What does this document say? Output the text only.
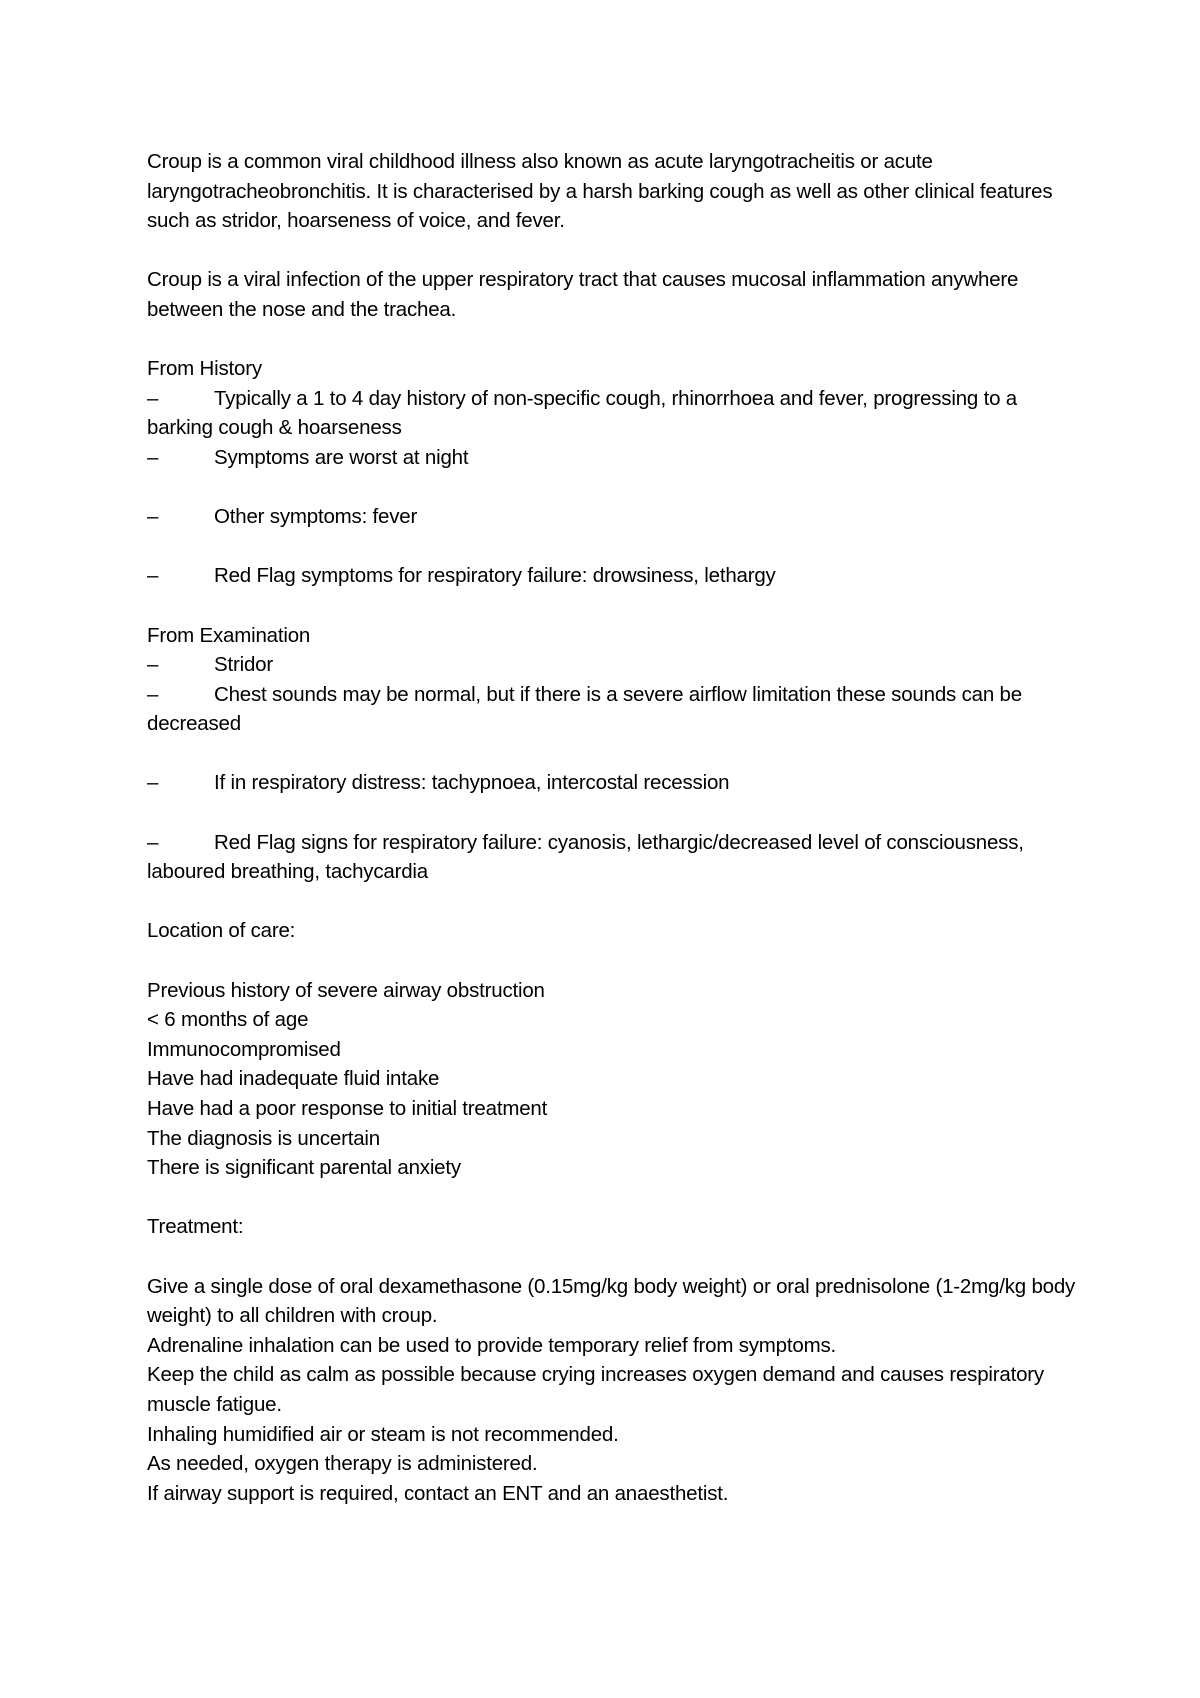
Croup is a common viral childhood illness also known as acute laryngotracheitis or acute laryngotracheobronchitis. It is characterised by a harsh barking cough as well as other clinical features such as stridor, hoarseness of voice, and fever.

Croup is a viral infection of the upper respiratory tract that causes mucosal inflammation anywhere between the nose and the trachea.

From History

–	Typically a 1 to 4 day history of non-specific cough, rhinorrhoea and fever, progressing to a barking cough & hoarseness

–	Symptoms are worst at night

–	Other symptoms: fever

–	Red Flag symptoms for respiratory failure: drowsiness, lethargy

From Examination

–	Stridor

–	Chest sounds may be normal, but if there is a severe airflow limitation these sounds can be decreased

–	If in respiratory distress: tachypnoea, intercostal recession

–	Red Flag signs for respiratory failure: cyanosis, lethargic/decreased level of consciousness, laboured breathing, tachycardia

Location of care:

Previous history of severe airway obstruction

< 6 months of age

Immunocompromised

Have had inadequate fluid intake

Have had a poor response to initial treatment

The diagnosis is uncertain

There is significant parental anxiety

Treatment:

Give a single dose of oral dexamethasone (0.15mg/kg body weight) or oral prednisolone (1-2mg/kg body weight) to all children with croup.

Adrenaline inhalation can be used to provide temporary relief from symptoms.

Keep the child as calm as possible because crying increases oxygen demand and causes respiratory muscle fatigue.

Inhaling humidified air or steam is not recommended.

As needed, oxygen therapy is administered.

If airway support is required, contact an ENT and an anaesthetist.
